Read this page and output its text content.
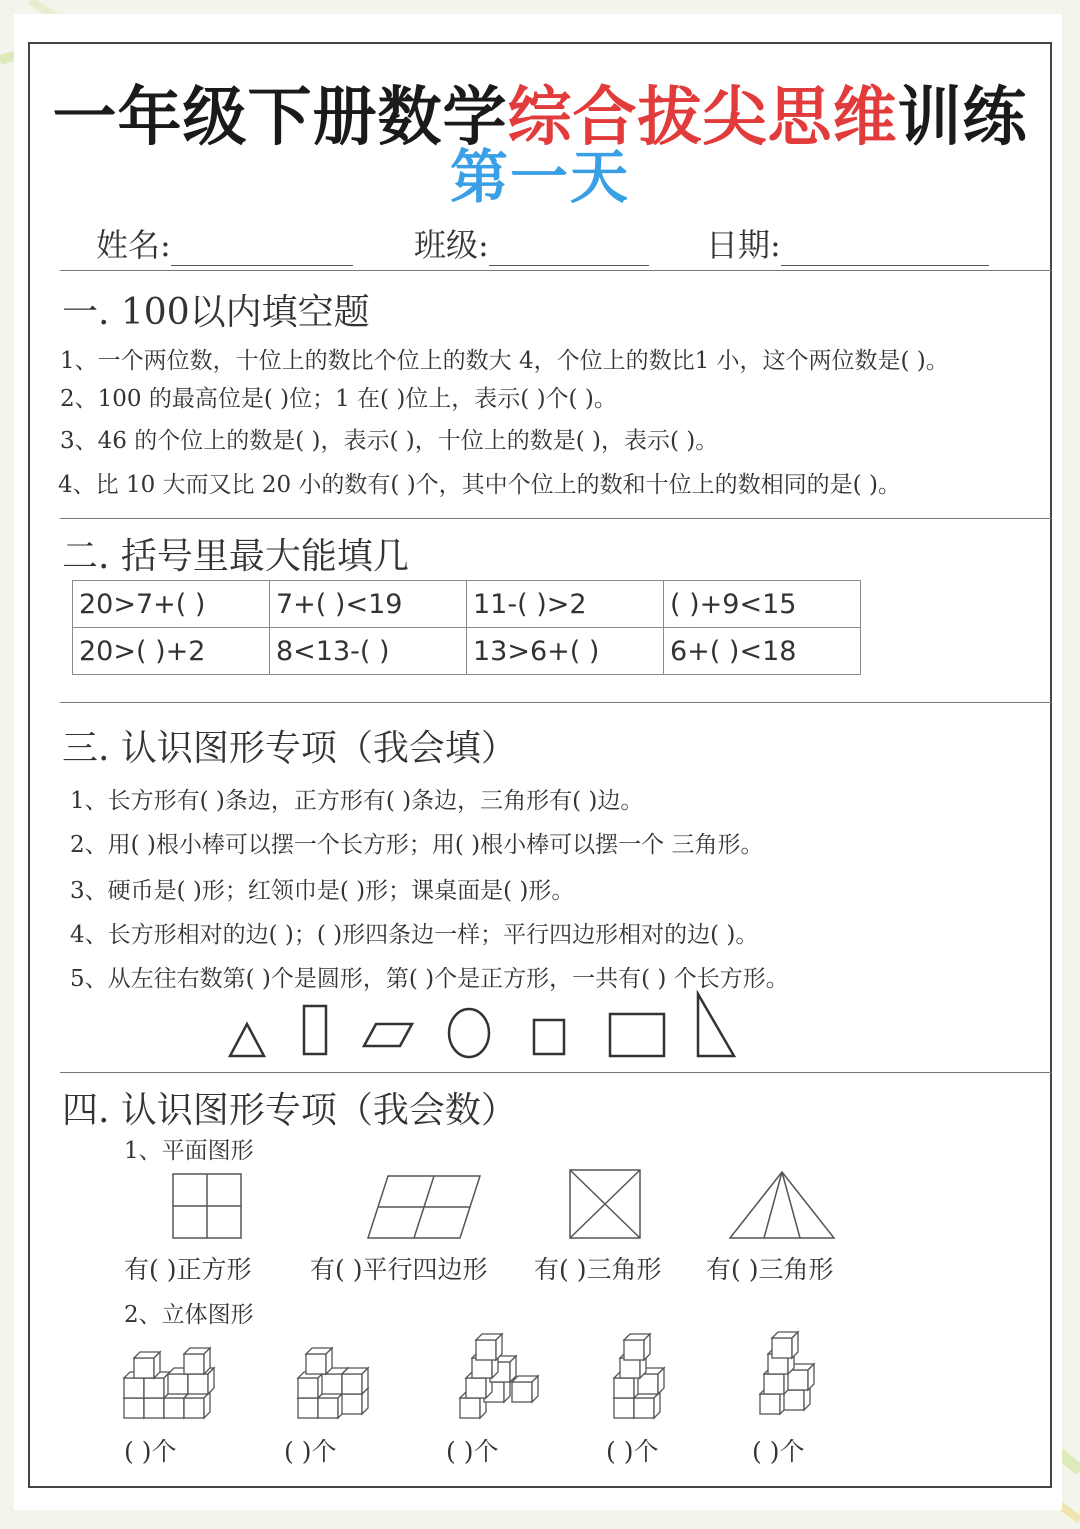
一年级下册数学综合拔尖思维训练
第一天
姓名:	班级:	日期:
一. 100以内填空题
1、一个两位数，十位上的数比个位上的数大 4，个位上的数比1 小，这个两位数是( )。
2、100 的最高位是( )位；1 在( )位上，表示( )个( )。
3、46 的个位上的数是( )，表示( )，十位上的数是( )，表示( )。
4、比 10 大而又比 20 小的数有( )个，其中个位上的数和十位上的数相同的是( )。
二. 括号里最大能填几
20>7+( )	7+( )<19	11-( )>2	( )+9<15
20>( )+2	8<13-( )	13>6+( )	6+( )<18
三. 认识图形专项（我会填）
1、长方形有( )条边，正方形有( )条边，三角形有( )边。
2、用( )根小棒可以摆一个长方形；用( )根小棒可以摆一个 三角形。
3、硬币是( )形；红领巾是( )形；课桌面是( )形。
4、长方形相对的边( )；( )形四条边一样；平行四边形相对的边( )。
5、从左往右数第( )个是圆形，第( )个是正方形，一共有( ) 个长方形。
四. 认识图形专项（我会数）
1、平面图形
有( )正方形 有( )平行四边形 有( )三角形 有( )三角形
2、立体图形
( )个	( )个	( )个	( )个	( )个
